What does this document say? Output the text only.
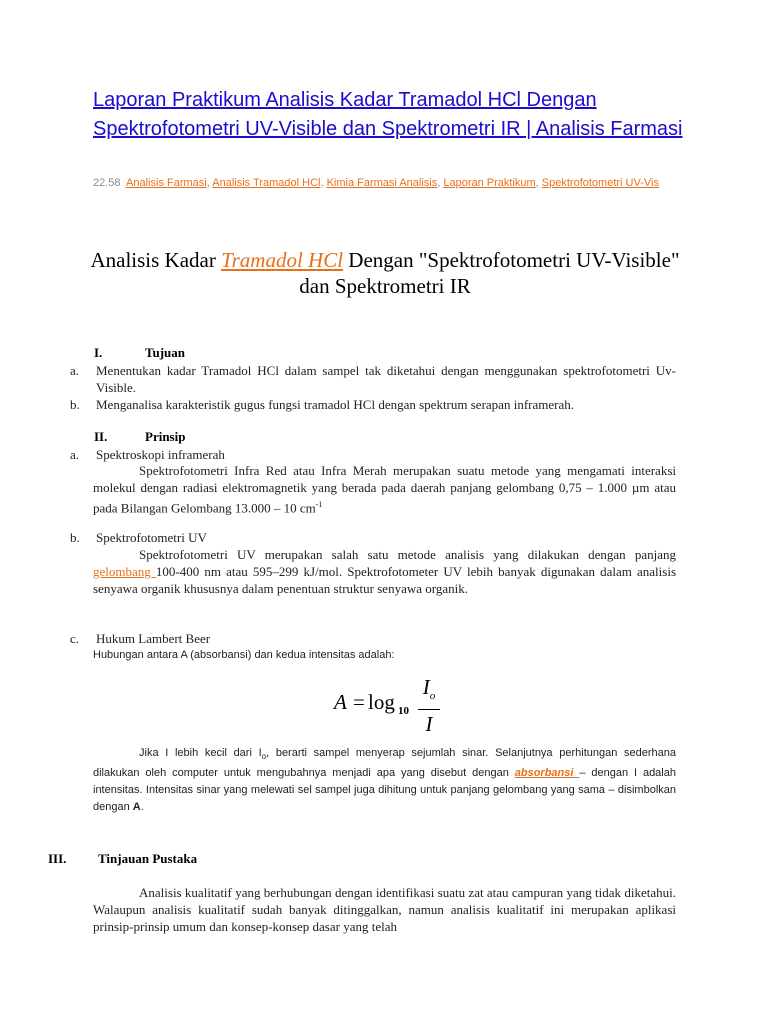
Laporan Praktikum Analisis Kadar Tramadol HCl Dengan Spektrofotometri UV-Visible dan Spektrometri IR | Analisis Farmasi
22.58 Analisis Farmasi, Analisis Tramadol HCl, Kimia Farmasi Analisis, Laporan Praktikum, Spektrofotometri UV-Vis
Analisis Kadar Tramadol HCl Dengan "Spektrofotometri UV-Visible" dan Spektrometri IR
I.	Tujuan
a. Menentukan kadar Tramadol HCl dalam sampel tak diketahui dengan menggunakan spektrofotometri Uv-Visible.
b. Menganalisa karakteristik gugus fungsi tramadol HCl dengan spektrum serapan inframerah.
II.	Prinsip
a. Spektroskopi inframerah
Spektrofotometri Infra Red atau Infra Merah merupakan suatu metode yang mengamati interaksi molekul dengan radiasi elektromagnetik yang berada pada daerah panjang gelombang 0,75 – 1.000 µm atau pada Bilangan Gelombang 13.000 – 10 $cm^{-1}$
b. Spektrofotometri UV
Spektrofotometri UV merupakan salah satu metode analisis yang dilakukan dengan panjang gelombang 100-400 nm atau 595–299 kJ/mol. Spektrofotometer UV lebih banyak digunakan dalam analisis senyawa organik khususnya dalam penentuan struktur senyawa organik.
c. Hukum Lambert Beer
Hubungan antara A (absorbansi) dan kedua intensitas adalah:
A = log 10
$I_o$
I
Jika I lebih kecil dari $I_o$, berarti sampel menyerap sejumlah sinar. Selanjutnya perhitungan sederhana dilakukan oleh computer untuk mengubahnya menjadi apa yang disebut dengan absorbansi – dengan I adalah intensitas. Intensitas sinar yang melewati sel sampel juga dihitung untuk panjang gelombang yang sama – disimbolkan dengan A.
III. Tinjauan Pustaka
Analisis kualitatif yang berhubungan dengan identifikasi suatu zat atau campuran yang tidak diketahui. Walaupun analisis kualitatif sudah banyak ditinggalkan, namun analisis kualitatif ini merupakan aplikasi prinsip-prinsip umum dan konsep-konsep dasar yang telah
